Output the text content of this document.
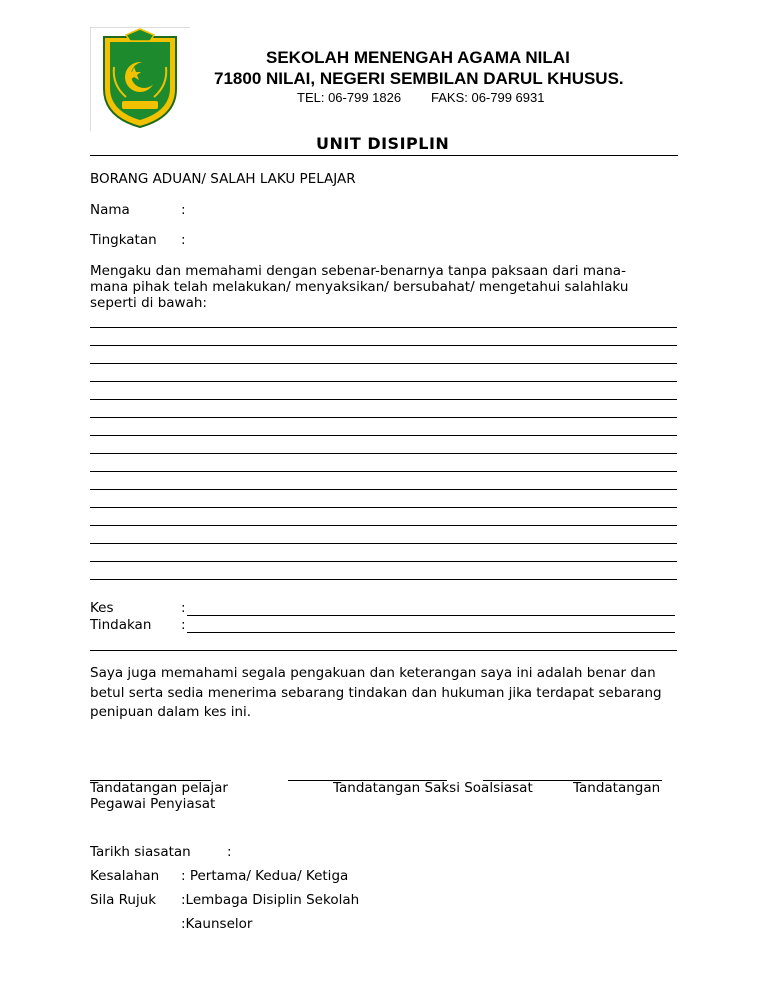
SEKOLAH MENENGAH AGAMA NILAI
71800 NILAI, NEGERI SEMBILAN DARUL KHUSUS.
TEL: 06-799 1826 FAKS: 06-799 6931
UNIT DISIPLIN
BORANG ADUAN/ SALAH LAKU PELAJAR
Nama	:
Tingkatan :
Mengaku dan memahami dengan sebenar-benarnya tanpa paksaan dari mana-
mana pihak telah melakukan/ menyaksikan/ bersubahat/ mengetahui salahlaku
seperti di bawah:
Kes	:
Tindakan :
Saya juga memahami segala pengakuan dan keterangan saya ini adalah benar dan
betul serta sedia menerima sebarang tindakan dan hukuman jika terdapat sebarang
penipuan dalam kes ini.
Tandatangan pelajar	Tandatangan Saksi Soalsiasat	Tandatangan
Pegawai Penyiasat
Tarikh siasatan	:
Kesalahan : Pertama/ Kedua/ Ketiga
Sila Rujuk :Lembaga Disiplin Sekolah
:Kaunselor
